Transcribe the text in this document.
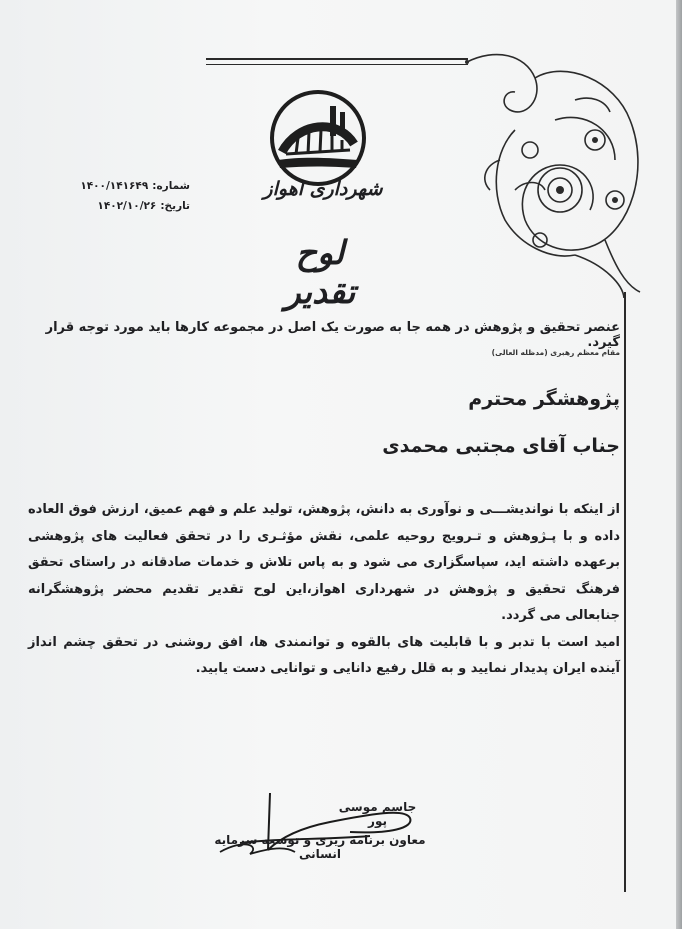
شهرداری اهواز
شماره:
۱۴۰۰/۱۴۱۶۴۹
تاریخ:
۱۴۰۲/۱۰/۲۶
لوح تقدیر
عنصر تحقیق و پژوهش در همه جا به صورت یک اصل در مجموعه کارها باید مورد توجه قرار گیرد.
مقام معظم رهبری (مدظله العالی)
پژوهشگر محترم
جناب آقای مجتبی محمدی

از اینکه با نواندیشـــی و نوآوری به دانش، پژوهش، تولید علم و فهم عمیق، ارزش فوق العاده داده و با پـژوهش و تـرویج روحیه علمی، نقش مؤثـری را در تحقق فعالیت های پژوهشی برعهده داشته اید، سپاسگزاری می شود و به پاس تلاش و خدمات صادقانه در راستای تحقق فرهنگ تحقیق و پژوهش در شهرداری اهواز،این لوح تقدیر تقدیم محضر پژوهشگرانه جنابعالی می گردد.

امید است با تدبر و با قابلیت های بالقوه و توانمندی ها، افق روشنی در تحقق چشم انداز آینده ایران پدیدار نمایید و به قلل رفیع دانایی و توانایی دست یابید.

جاسم موسی پور
معاون برنامه ریزی و توسعه سرمایه انسانی
